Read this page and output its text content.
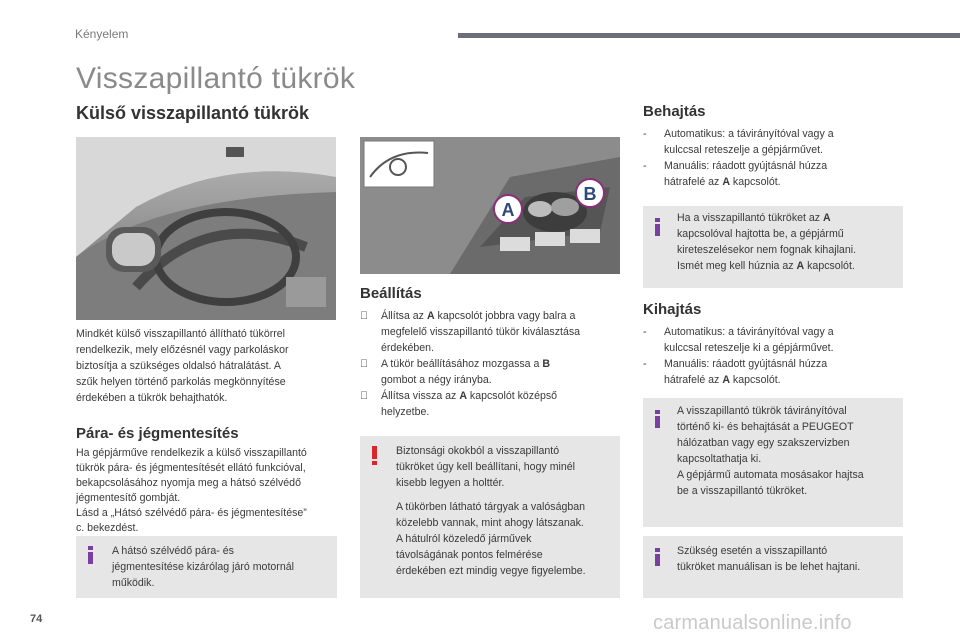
Kényelem
Visszapillantó tükrök
Külső visszapillantó tükrök
Mindkét külső visszapillantó állítható tükörrel
rendelkezik, mely előzésnél vagy parkoláskor
biztosítja a szükséges oldalsó hátralátást. A
szűk helyen történő parkolás megkönnyítése
érdekében a tükrök behajthatók.
Pára- és jégmentesítés
Ha gépjárműve rendelkezik a külső visszapillantó
tükrök pára- és jégmentesítését ellátó funkcióval,
bekapcsolásához nyomja meg a hátsó szélvédő
jégmentesítő gombját.
Lásd a „Hátsó szélvédő pára- és jégmentesítése”
c. bekezdést.
A hátsó szélvédő pára- és
jégmentesítése kizárólag járó motornál
működik.
A
B
Beállítás
Állítsa az A kapcsolót jobbra vagy balra a
megfelelő visszapillantó tükör kiválasztása
érdekében.
A tükör beállításához mozgassa a B
gombot a négy irányba.
Állítsa vissza az A kapcsolót középső
helyzetbe.
Biztonsági okokból a visszapillantó
tükröket úgy kell beállítani, hogy minél
kisebb legyen a holttér.
A tükörben látható tárgyak a valóságban
közelebb vannak, mint ahogy látszanak.
A hátulról közeledő járművek
távolságának pontos felmérése
érdekében ezt mindig vegye figyelembe.
Behajtás
- Automatikus: a távirányítóval vagy a
kulccsal reteszelje a gépjárművet.
- Manuális: ráadott gyújtásnál húzza
hátrafelé az A kapcsolót.
Ha a visszapillantó tükröket az A
kapcsolóval hajtotta be, a gépjármű
kireteszelésekor nem fognak kihajlani.
Ismét meg kell húznia az A kapcsolót.
Kihajtás
- Automatikus: a távirányítóval vagy a
kulccsal reteszelje ki a gépjárművet.
- Manuális: ráadott gyújtásnál húzza
hátrafelé az A kapcsolót.
A visszapillantó tükrök távirányítóval
történő ki- és behajtását a PEUGEOT
hálózatban vagy egy szakszervizben
kapcsoltathatja ki.
A gépjármű automata mosásakor hajtsa
be a visszapillantó tükröket.
Szükség esetén a visszapillantó
tükröket manuálisan is be lehet hajtani.
74	carmanualsonline.info
